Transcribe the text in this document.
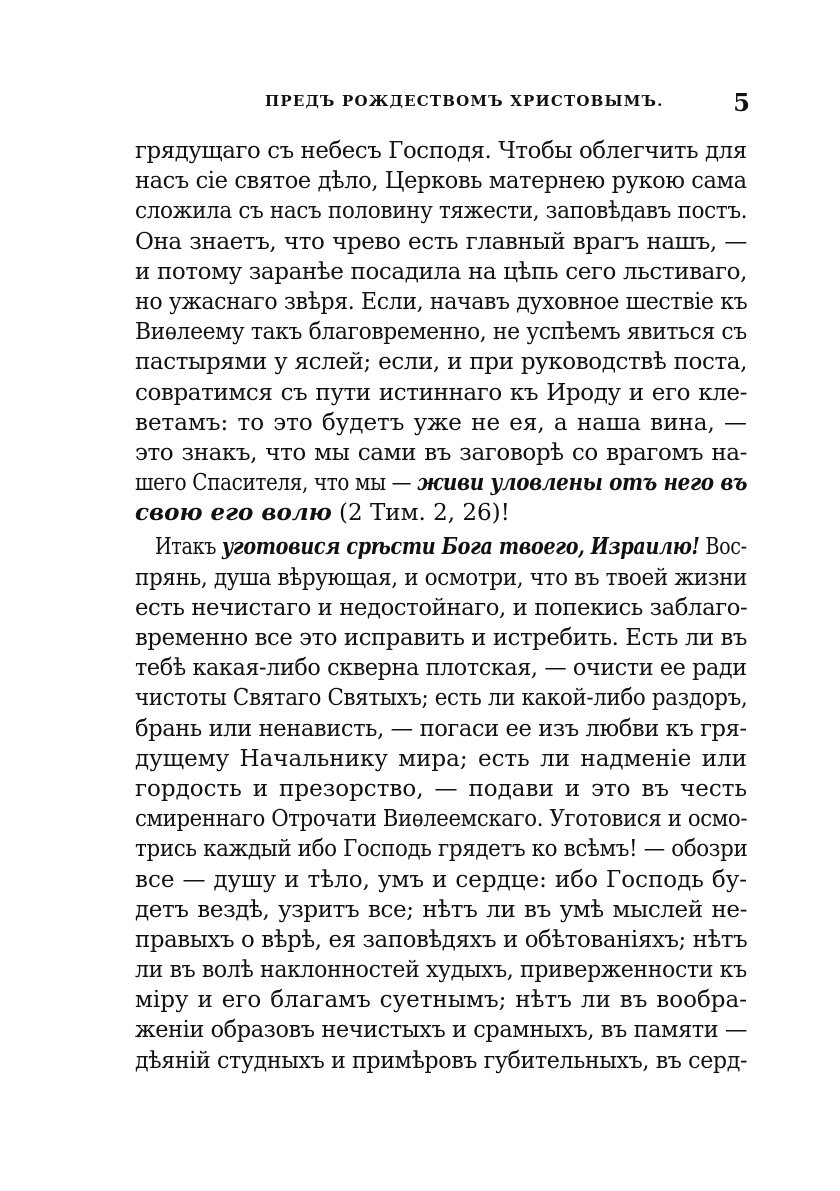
ПРЕДЪ РОЖДЕСТВОМЪ ХРИСТОВЫМЪ.	5
грядущаго съ небесъ Господя. Чтобы облегчить для
насъ сіе святое дѣло, Церковь матернею рукою сама
сложила съ насъ половину тяжести, заповѣдавъ постъ.
Она знаетъ, что чрево есть главный врагъ нашъ, —
и потому заранѣе посадила на цѣпь сего льстиваго,
но ужаснаго звѣря. Если, начавъ духовное шествіе къ
Виѳлеему такъ благовременно, не успѣемъ явиться съ
пастырями у яслей; если, и при руководствѣ поста,
совратимся съ пути истиннаго къ Ироду и его кле-
ветамъ: то это будетъ уже не ея, а наша вина, —
это знакъ, что мы сами въ заговорѣ со врагомъ на-
шего Спасителя, что мы — живи уловлены отъ него въ
свою его волю (2 Тим. 2, 26)!
Итакъ уготовися срѣсти Бога твоего, Израилю! Вос-
прянь, душа вѣрующая, и осмотри, что въ твоей жизни
есть нечистаго и недостойнаго, и попекись заблаго-
временно все это исправить и истребить. Есть ли въ
тебѣ какая-либо скверна плотская, — очисти ее ради
чистоты Святаго Святыхъ; есть ли какой-либо раздоръ,
брань или ненависть, — погаси ее изъ любви къ гря-
дущему Начальнику мира; есть ли надменіе или
гордость и презорство, — подави и это въ честь
смиреннаго Отрочати Виѳлеемскаго. Уготовися и осмо-
трись каждый ибо Господь грядетъ ко всѣмъ! — обозри
все — душу и тѣло, умъ и сердце: ибо Господь бу-
детъ вездѣ, узритъ все; нѣтъ ли въ умѣ мыслей не-
правыхъ о вѣрѣ, ея заповѣдяхъ и обѣтованіяхъ; нѣтъ
ли въ волѣ наклонностей худыхъ, приверженности къ
міру и его благамъ суетнымъ; нѣтъ ли въ вообра-
женіи образовъ нечистыхъ и срамныхъ, въ памяти —
дѣяній студныхъ и примѣровъ губительныхъ, въ серд-
